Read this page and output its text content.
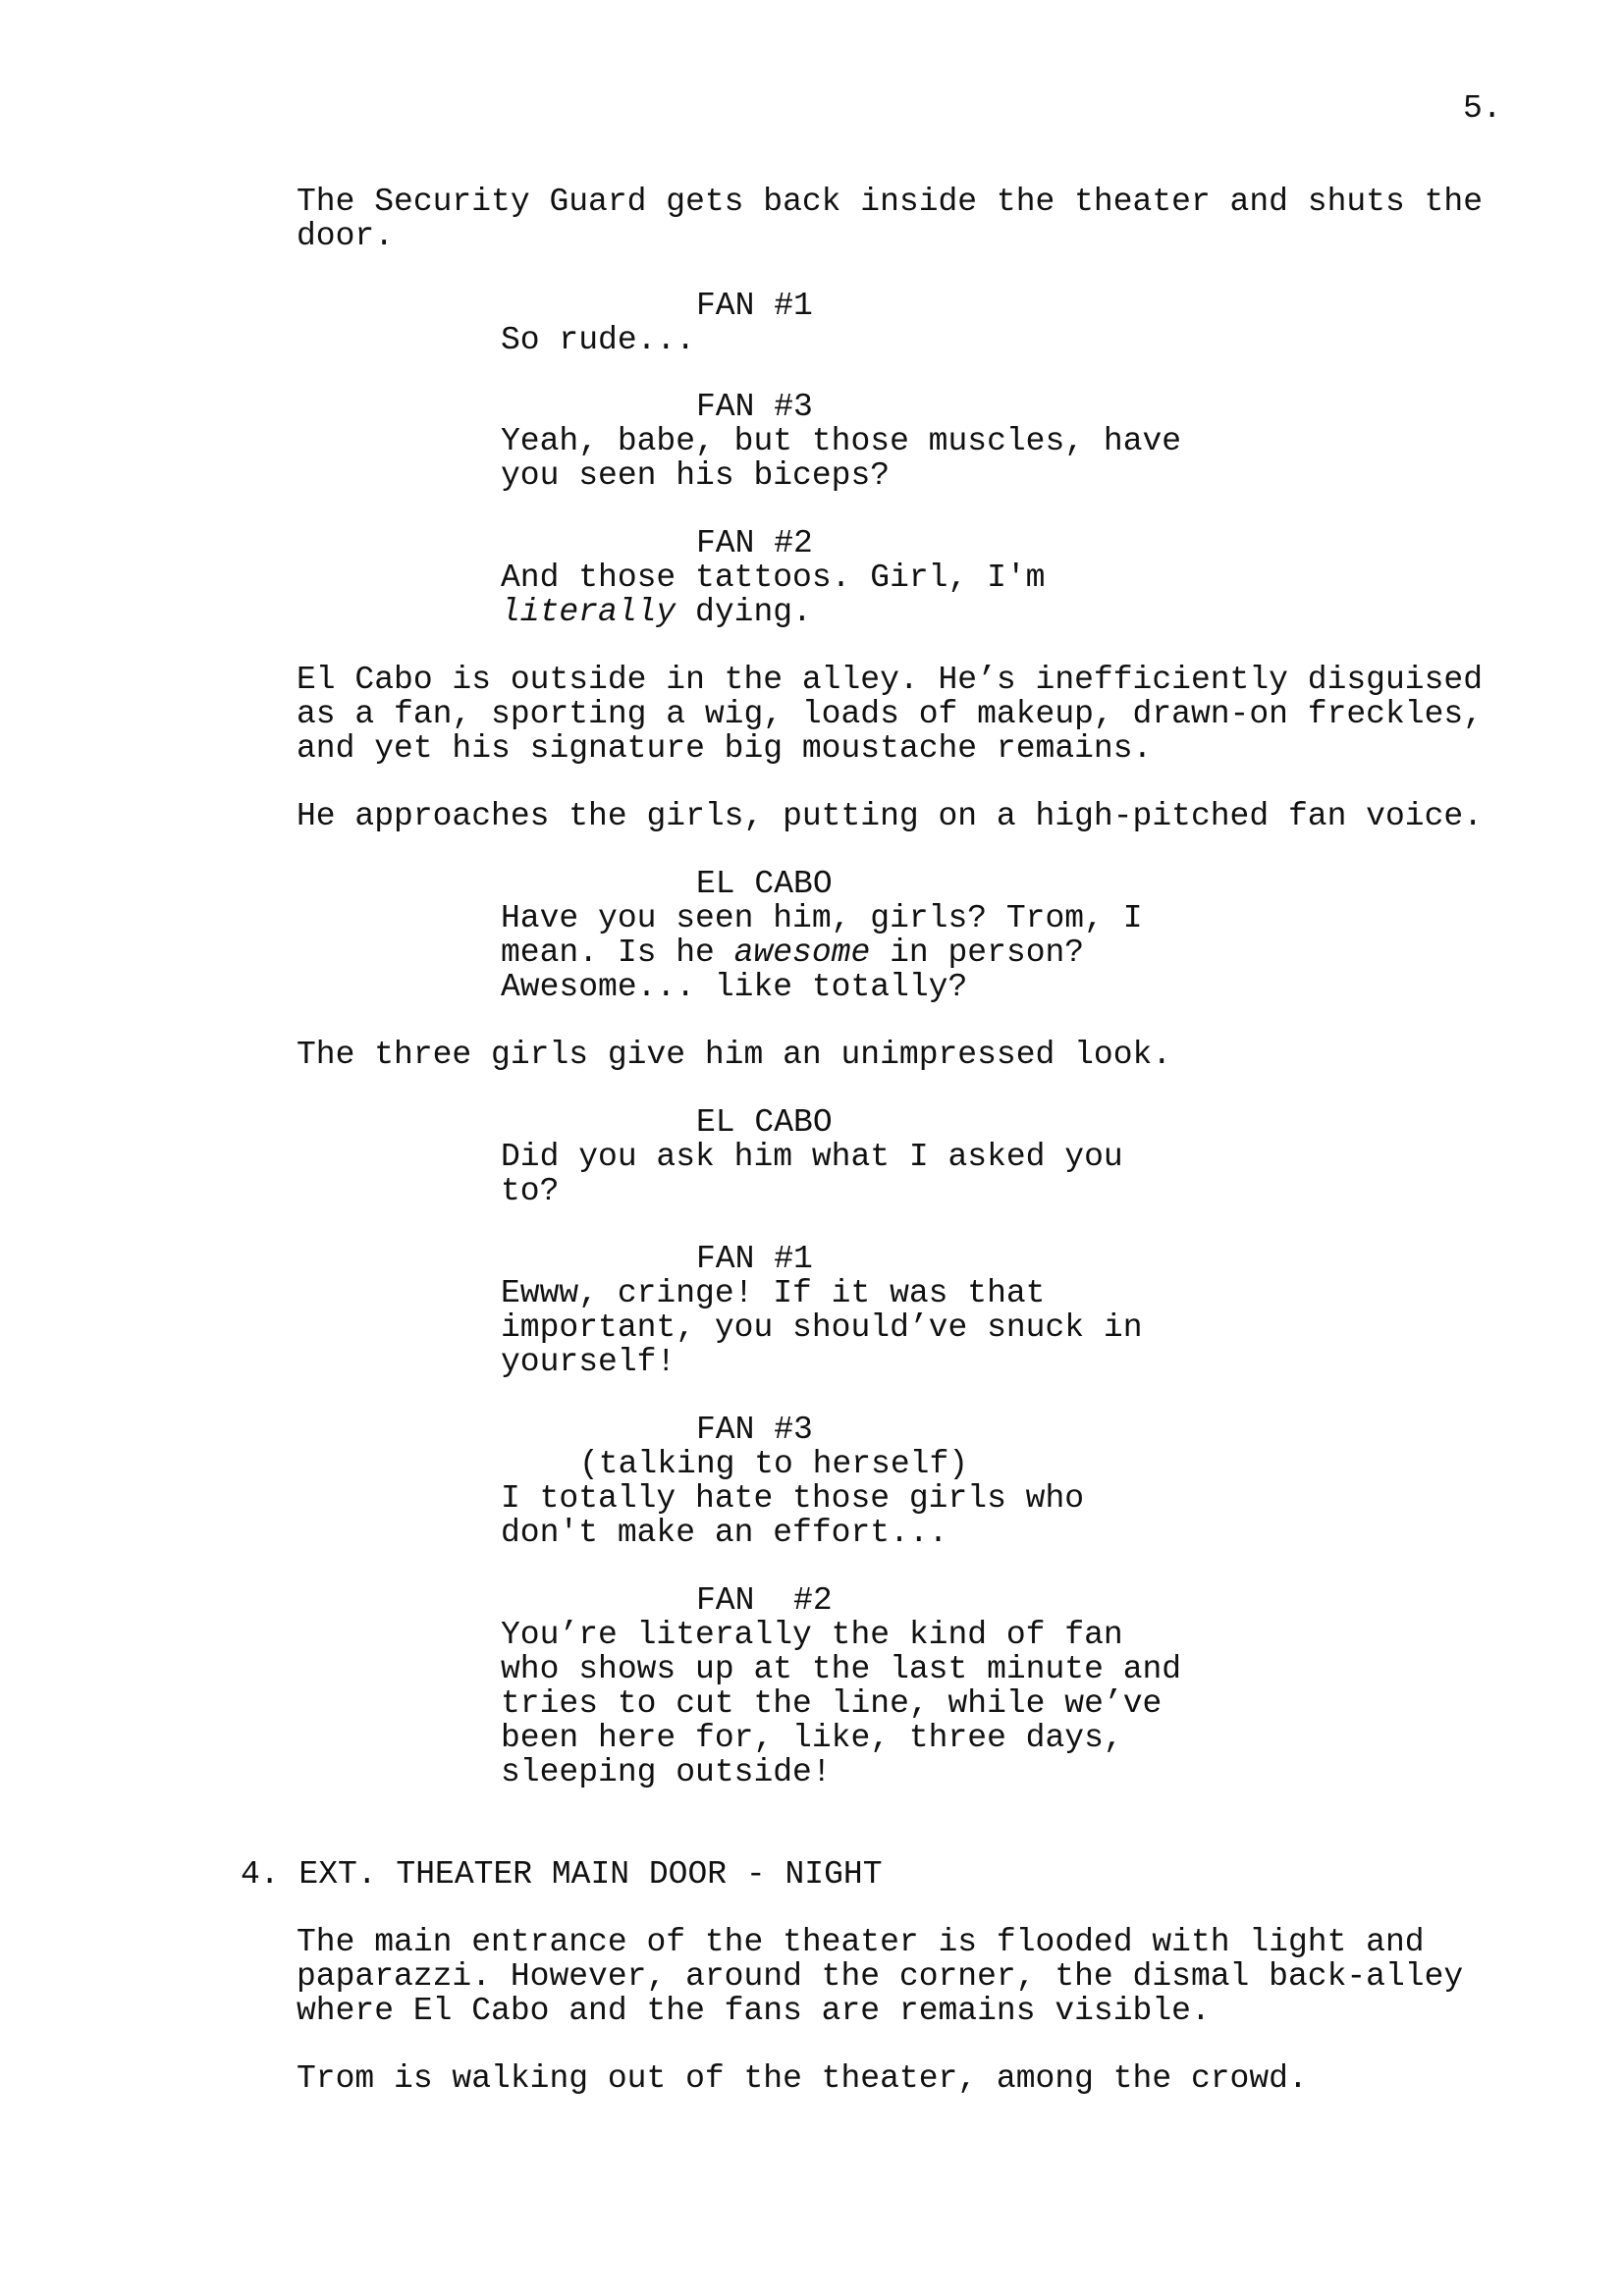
5.
The Security Guard gets back inside the theater and shuts the
door.
FAN #1
So rude...
FAN #3
Yeah, babe, but those muscles, have
you seen his biceps?
FAN #2
And those tattoos. Girl, I'm
literally dying.
El Cabo is outside in the alley. He’s inefficiently disguised
as a fan, sporting a wig, loads of makeup, drawn-on freckles,
and yet his signature big moustache remains.
He approaches the girls, putting on a high-pitched fan voice.
EL CABO
Have you seen him, girls? Trom, I
mean. Is he awesome in person?
Awesome... like totally?
The three girls give him an unimpressed look.
EL CABO
Did you ask him what I asked you
to?
FAN #1
Ewww, cringe! If it was that
important, you should’ve snuck in
yourself!
FAN #3
(talking to herself)
I totally hate those girls who
don't make an effort...
FAN  #2
You’re literally the kind of fan
who shows up at the last minute and
tries to cut the line, while we’ve
been here for, like, three days,
sleeping outside!
4. EXT. THEATER MAIN DOOR - NIGHT
The main entrance of the theater is flooded with light and
paparazzi. However, around the corner, the dismal back-alley
where El Cabo and the fans are remains visible.
Trom is walking out of the theater, among the crowd.
